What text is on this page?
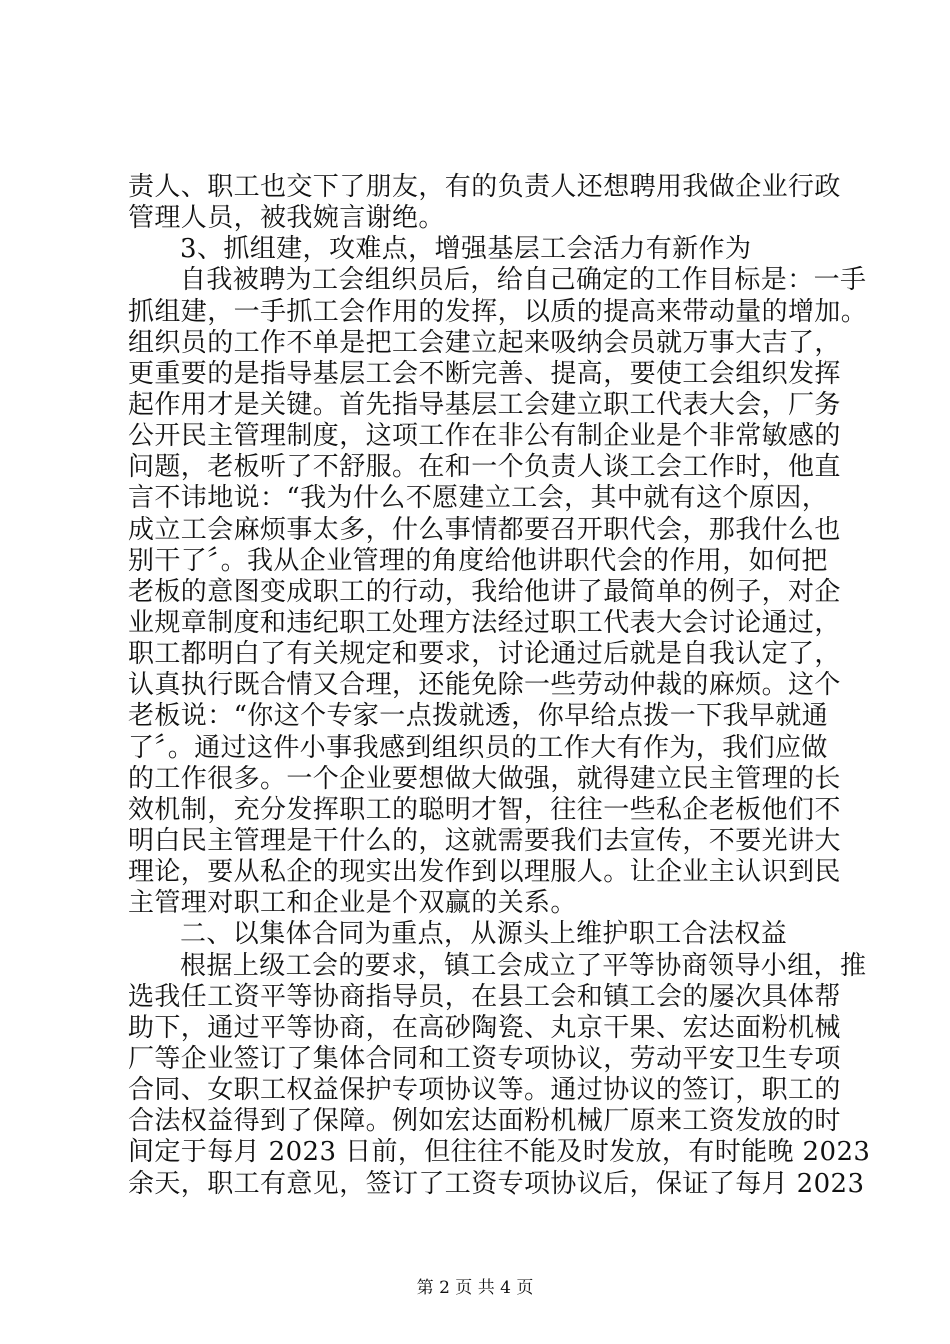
责人、职工也交下了朋友，有的负责人还想聘用我做企业行政
管理人员，被我婉言谢绝。
3、抓组建，攻难点，增强基层工会活力有新作为
自我被聘为工会组织员后，给自己确定的工作目标是：一手
抓组建，一手抓工会作用的发挥，以质的提高来带动量的增加。
组织员的工作不单是把工会建立起来吸纳会员就万事大吉了，
更重要的是指导基层工会不断完善、提高，要使工会组织发挥
起作用才是关键。首先指导基层工会建立职工代表大会，厂务
公开民主管理制度，这项工作在非公有制企业是个非常敏感的
问题，老板听了不舒服。在和一个负责人谈工会工作时，他直
言不讳地说：“我为什么不愿建立工会，其中就有这个原因，
成立工会麻烦事太多，什么事情都要召开职代会，那我什么也
别干了〞。我从企业管理的角度给他讲职代会的作用，如何把
老板的意图变成职工的行动，我给他讲了最简单的例子，对企
业规章制度和违纪职工处理方法经过职工代表大会讨论通过，
职工都明白了有关规定和要求，讨论通过后就是自我认定了，
认真执行既合情又合理，还能免除一些劳动仲裁的麻烦。这个
老板说：“你这个专家一点拨就透，你早给点拨一下我早就通
了〞。通过这件小事我感到组织员的工作大有作为，我们应做
的工作很多。一个企业要想做大做强，就得建立民主管理的长
效机制，充分发挥职工的聪明才智，往往一些私企老板他们不
明白民主管理是干什么的，这就需要我们去宣传，不要光讲大
理论，要从私企的现实出发作到以理服人。让企业主认识到民
主管理对职工和企业是个双赢的关系。
二、以集体合同为重点，从源头上维护职工合法权益
根据上级工会的要求，镇工会成立了平等协商领导小组，推
选我任工资平等协商指导员，在县工会和镇工会的屡次具体帮
助下，通过平等协商，在高砂陶瓷、丸京干果、宏达面粉机械
厂等企业签订了集体合同和工资专项协议，劳动平安卫生专项
合同、女职工权益保护专项协议等。通过协议的签订，职工的
合法权益得到了保障。例如宏达面粉机械厂原来工资发放的时
间定于每月 2023 日前，但往往不能及时发放，有时能晚 2023
余天，职工有意见，签订了工资专项协议后，保证了每月 2023
第 2 页 共 4 页
